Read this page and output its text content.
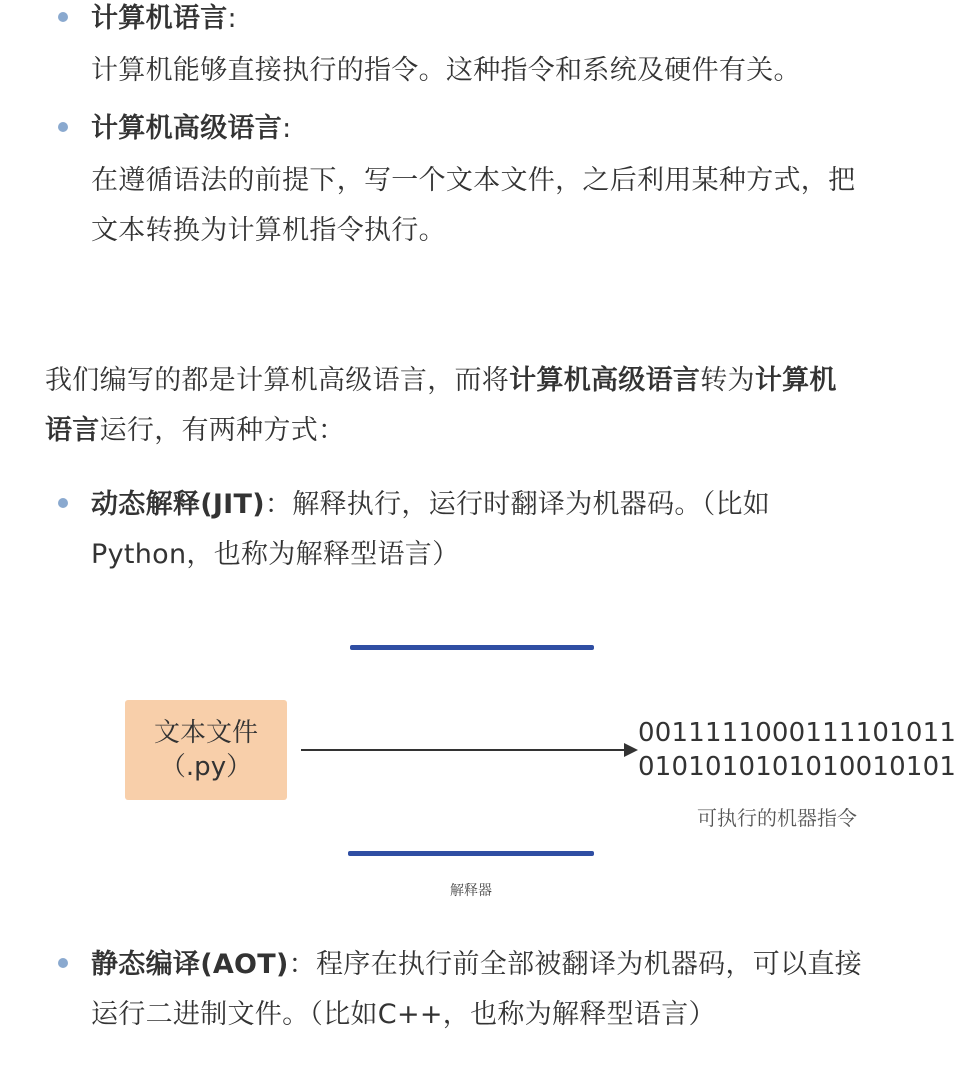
计算机语言:
计算机能够直接执行的指令。这种指令和系统及硬件有关。
计算机高级语言:
在遵循语法的前提下，写一个文本文件，之后利用某种方式，把
文本转换为计算机指令执行。
我们编写的都是计算机高级语言，而将计算机高级语言转为计算机
语言运行，有两种方式：
动态解释(JIT)：解释执行，运行时翻译为机器码。（比如
Python，也称为解释型语言）
文本文件
（.py）
0011111000111101011
0101010101010010101
可执行的机器指令
解释器
静态编译(AOT)：程序在执行前全部被翻译为机器码，可以直接
运行二进制文件。（比如C++，也称为解释型语言）
